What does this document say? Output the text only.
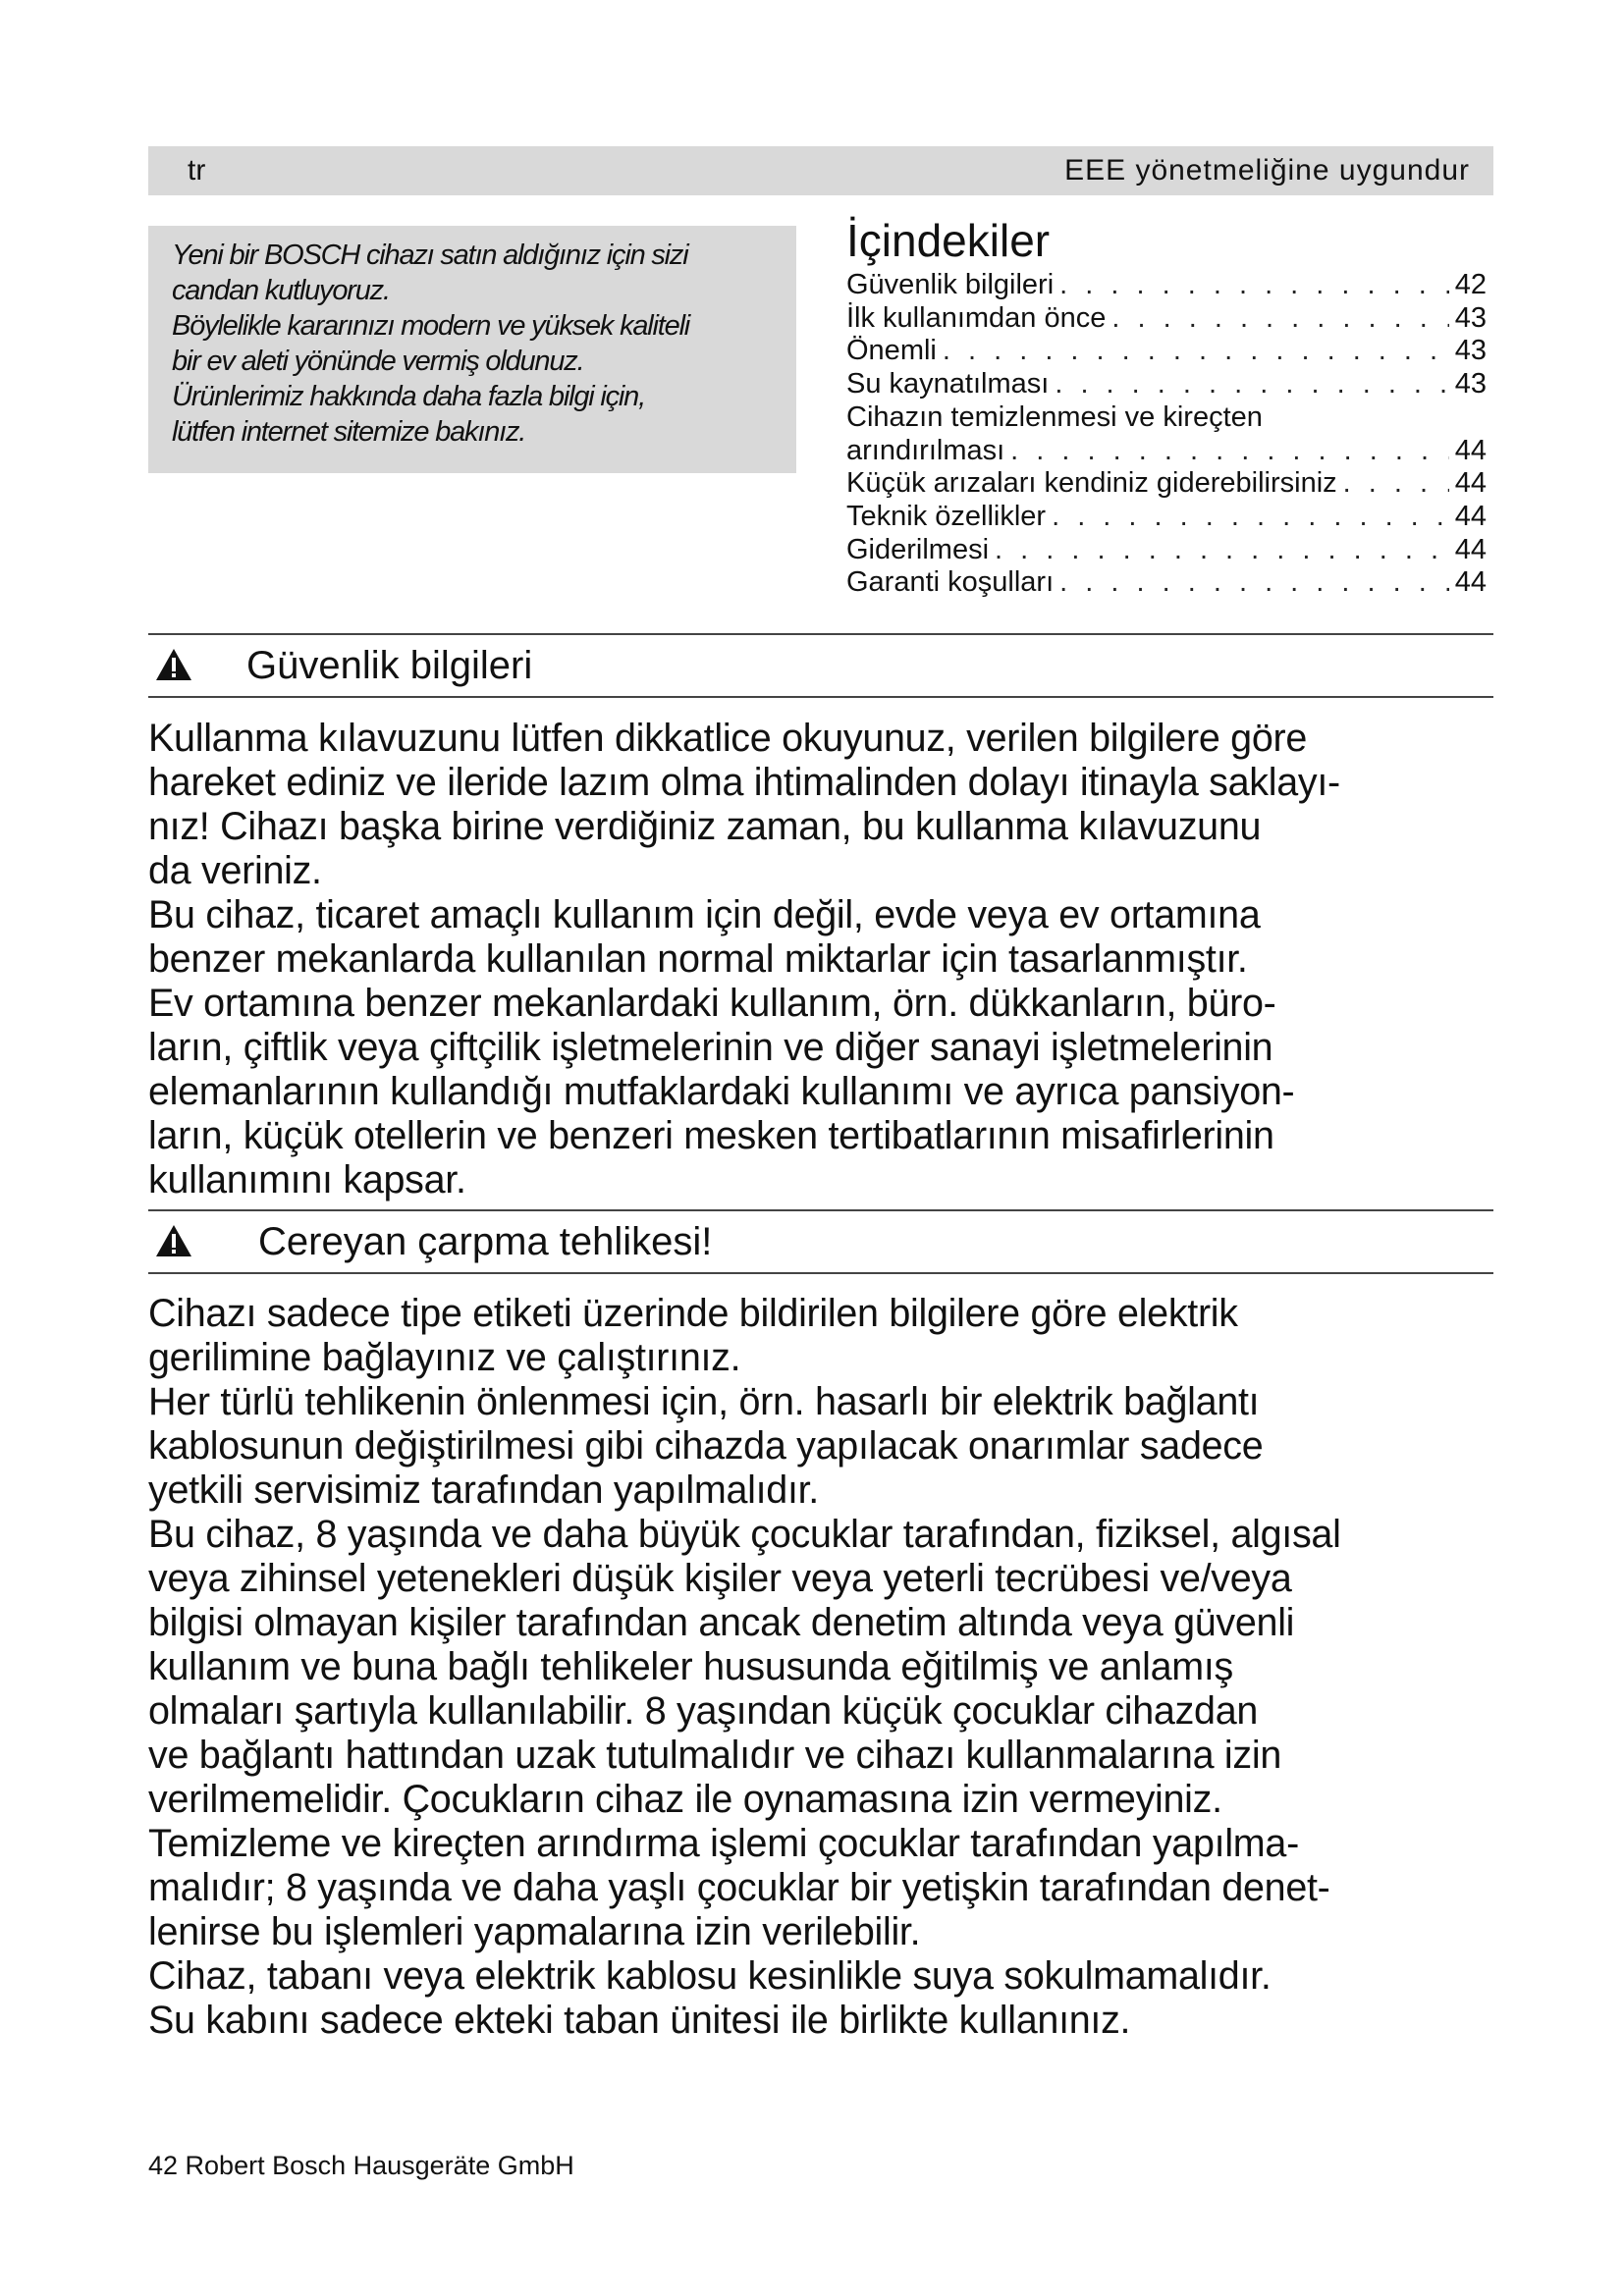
tr	EEE yönetmeliğine uygundur
Yeni bir BOSCH cihazı satın aldığınız için sizi
candan kutluyoruz.
Böylelikle kararınızı modern ve yüksek kaliteli
bir ev aleti yönünde vermiş oldunuz.
Ürünlerimiz hakkında daha fazla bilgi için,
lütfen internet sitemize bakınız.
İçindekiler
Güvenlik bilgileri . . .	42
İlk kullanımdan önce . . .	43
Önemli . . .	43
Su kaynatılması . . .	43
Cihazın temizlenmesi ve kireçten
arındırılması . . .	44
Küçük arızaları kendiniz giderebilirsiniz . . .	44
Teknik özellikler . . .	44
Giderilmesi . . .	44
Garanti koşulları . . .	44
Güvenlik bilgileri
Kullanma kılavuzunu lütfen dikkatlice okuyunuz, verilen bilgilere göre
hareket ediniz ve ileride lazım olma ihtimalinden dolayı itinayla saklayı-
nız! Cihazı başka birine verdiğiniz zaman, bu kullanma kılavuzunu
da veriniz.
Bu cihaz, ticaret amaçlı kullanım için değil, evde veya ev ortamına
benzer mekanlarda kullanılan normal miktarlar için tasarlanmıştır.
Ev ortamına benzer mekanlardaki kullanım, örn. dükkanların, büro-
ların, çiftlik veya çiftçilik işletmelerinin ve diğer sanayi işletmelerinin
elemanlarının kullandığı mutfaklardaki kullanımı ve ayrıca pansiyon-
ların, küçük otellerin ve benzeri mesken tertibatlarının misafirlerinin
kullanımını kapsar.
Cereyan çarpma tehlikesi!
Cihazı sadece tipe etiketi üzerinde bildirilen bilgilere göre elektrik
gerilimine bağlayınız ve çalıştırınız.
Her türlü tehlikenin önlenmesi için, örn. hasarlı bir elektrik bağlantı
kablosunun değiştirilmesi gibi cihazda yapılacak onarımlar sadece
yetkili servisimiz tarafından yapılmalıdır.
Bu cihaz, 8 yaşında ve daha büyük çocuklar tarafından, fiziksel, algısal
veya zihinsel yetenekleri düşük kişiler veya yeterli tecrübesi ve/veya
bilgisi olmayan kişiler tarafından ancak denetim altında veya güvenli
kullanım ve buna bağlı tehlikeler hususunda eğitilmiş ve anlamış
olmaları şartıyla kullanılabilir. 8 yaşından küçük çocuklar cihazdan
ve bağlantı hattından uzak tutulmalıdır ve cihazı kullanmalarına izin
verilmemelidir. Çocukların cihaz ile oynamasına izin vermeyiniz.
Temizleme ve kireçten arındırma işlemi çocuklar tarafından yapılma-
malıdır; 8 yaşında ve daha yaşlı çocuklar bir yetişkin tarafından denet-
lenirse bu işlemleri yapmalarına izin verilebilir.
Cihaz, tabanı veya elektrik kablosu kesinlikle suya sokulmamalıdır.
Su kabını sadece ekteki taban ünitesi ile birlikte kullanınız.
42 Robert Bosch Hausgeräte GmbH
